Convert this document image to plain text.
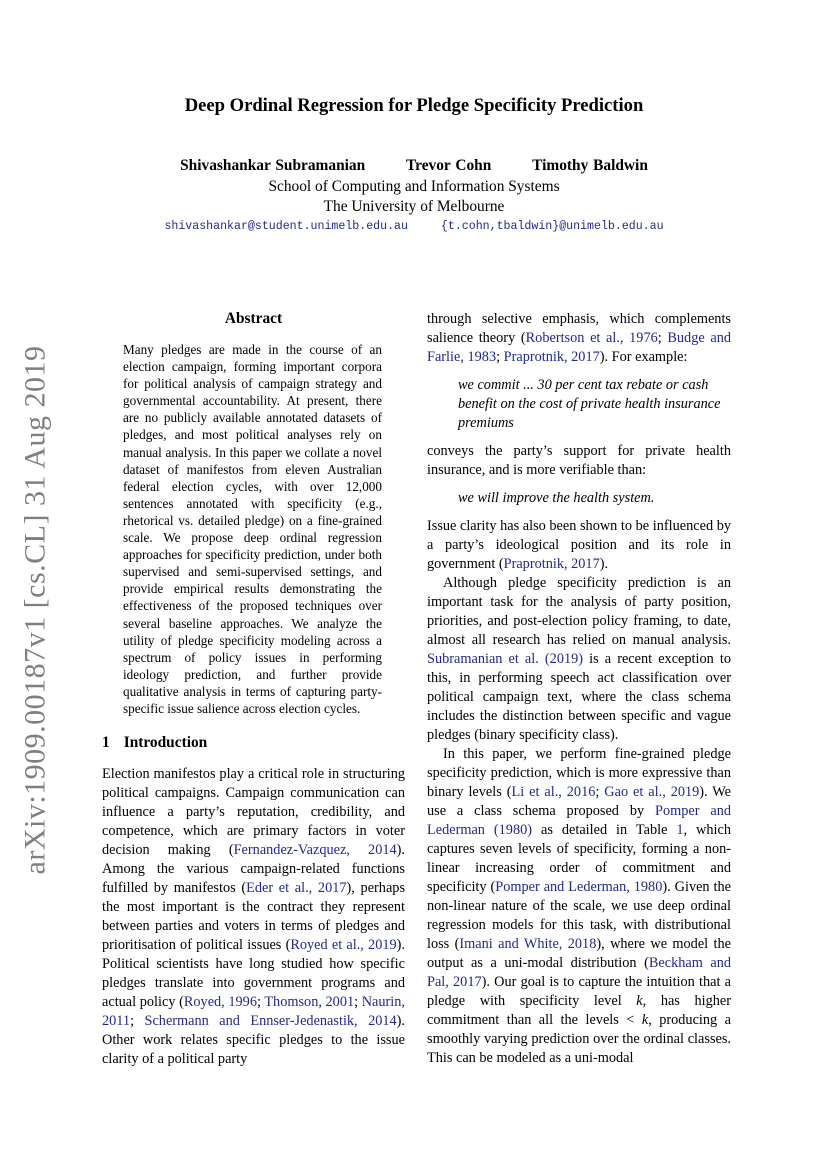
arXiv:1909.00187v1 [cs.CL] 31 Aug 2019
Deep Ordinal Regression for Pledge Specificity Prediction
Shivashankar Subramanian	Trevor Cohn	Timothy Baldwin
School of Computing and Information Systems
The University of Melbourne
shivashankar@student.unimelb.edu.au	{t.cohn,tbaldwin}@unimelb.edu.au
Abstract
Many pledges are made in the course of an election campaign, forming important corpora for political analysis of campaign strategy and governmental accountability. At present, there are no publicly available annotated datasets of pledges, and most political analyses rely on manual analysis. In this paper we collate a novel dataset of manifestos from eleven Australian federal election cycles, with over 12,000 sentences annotated with specificity (e.g., rhetorical vs. detailed pledge) on a fine-grained scale. We propose deep ordinal regression approaches for specificity prediction, under both supervised and semi-supervised settings, and provide empirical results demonstrating the effectiveness of the proposed techniques over several baseline approaches. We analyze the utility of pledge specificity modeling across a spectrum of policy issues in performing ideology prediction, and further provide qualitative analysis in terms of capturing party-specific issue salience across election cycles.
1 Introduction
Election manifestos play a critical role in structuring political campaigns. Campaign communication can influence a party’s reputation, credibility, and competence, which are primary factors in voter decision making (Fernandez-Vazquez, 2014). Among the various campaign-related functions fulfilled by manifestos (Eder et al., 2017), perhaps the most important is the contract they represent between parties and voters in terms of pledges and prioritisation of political issues (Royed et al., 2019). Political scientists have long studied how specific pledges translate into government programs and actual policy (Royed, 1996; Thomson, 2001; Naurin, 2011; Schermann and Ennser-Jedenastik, 2014). Other work relates specific pledges to the issue clarity of a political party

through selective emphasis, which complements salience theory (Robertson et al., 1976; Budge and Farlie, 1983; Praprotnik, 2017). For example:

we commit ... 30 per cent tax rebate or cash benefit on the cost of private health insurance premiums

conveys the party’s support for private health insurance, and is more verifiable than:

we will improve the health system.

Issue clarity has also been shown to be influenced by a party’s ideological position and its role in government (Praprotnik, 2017).

Although pledge specificity prediction is an important task for the analysis of party position, priorities, and post-election policy framing, to date, almost all research has relied on manual analysis. Subramanian et al. (2019) is a recent exception to this, in performing speech act classification over political campaign text, where the class schema includes the distinction between specific and vague pledges (binary specificity class).

In this paper, we perform fine-grained pledge specificity prediction, which is more expressive than binary levels (Li et al., 2016; Gao et al., 2019). We use a class schema proposed by Pomper and Lederman (1980) as detailed in Table 1, which captures seven levels of specificity, forming a non-linear increasing order of commitment and specificity (Pomper and Lederman, 1980). Given the non-linear nature of the scale, we use deep ordinal regression models for this task, with distributional loss (Imani and White, 2018), where we model the output as a uni-modal distribution (Beckham and Pal, 2017). Our goal is to capture the intuition that a pledge with specificity level k, has higher commitment than all the levels < k, producing a smoothly varying prediction over the ordinal classes. This can be modeled as a uni-modal
